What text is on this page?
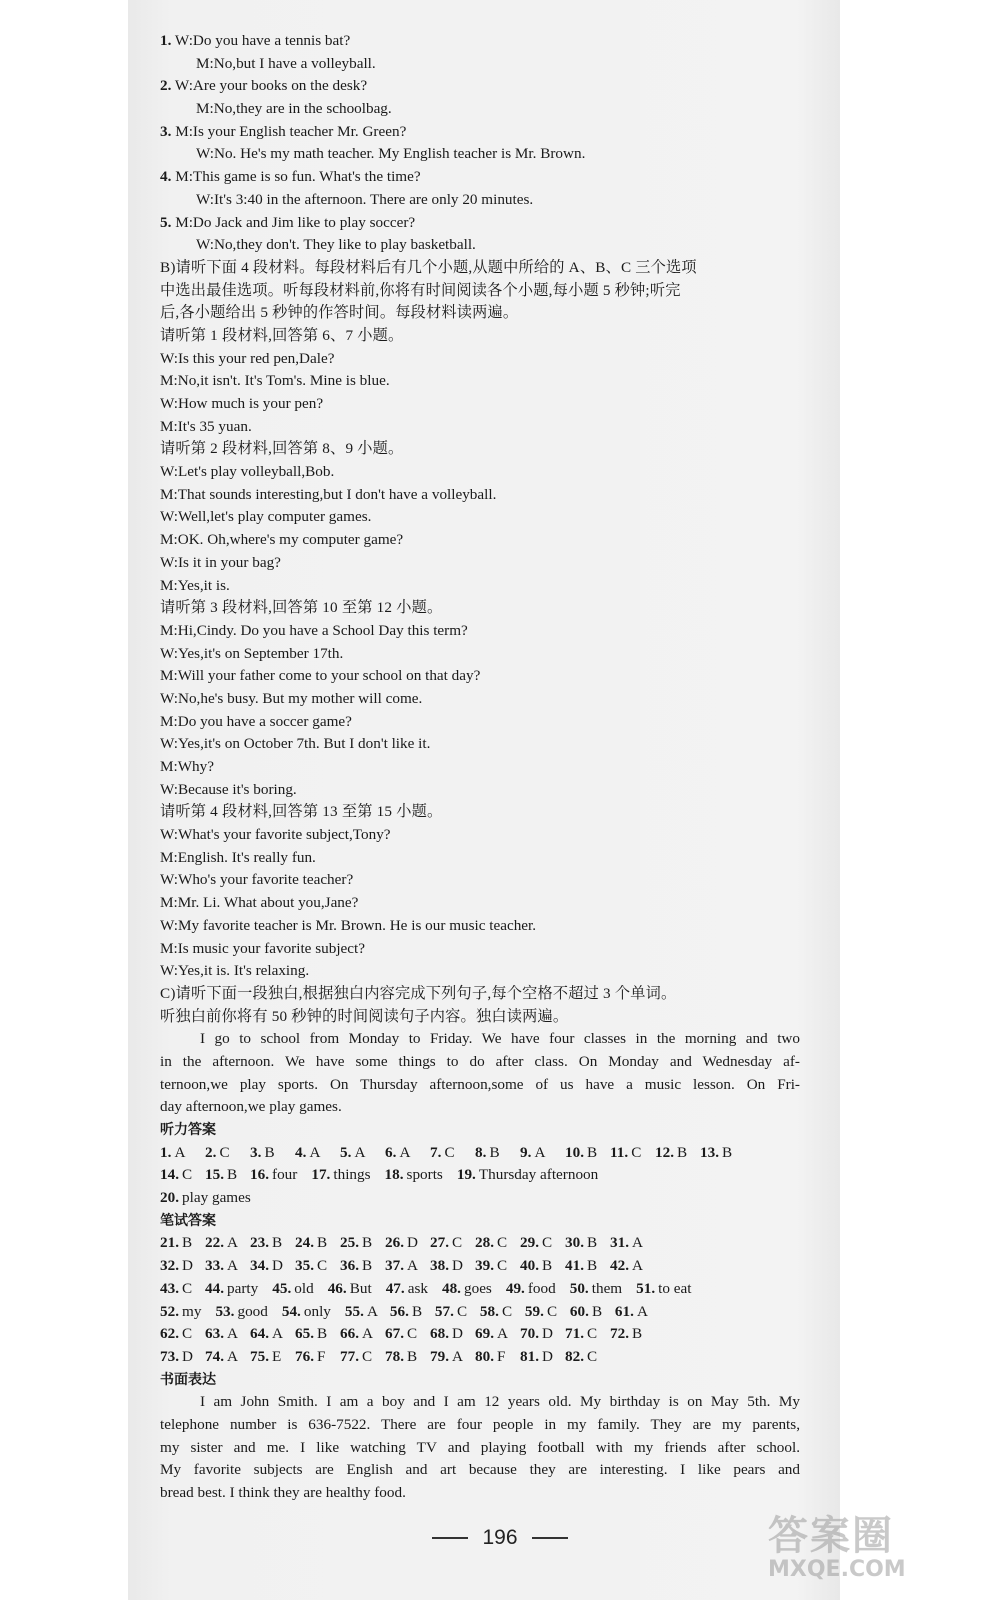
1. W:Do you have a tennis bat?
M:No,but I have a volleyball.
2. W:Are your books on the desk?
M:No,they are in the schoolbag.
3. M:Is your English teacher Mr. Green?
W:No. He's my math teacher. My English teacher is Mr. Brown.
4. M:This game is so fun. What's the time?
W:It's 3:40 in the afternoon. There are only 20 minutes.
5. M:Do Jack and Jim like to play soccer?
W:No,they don't. They like to play basketball.
B)请听下面 4 段材料。每段材料后有几个小题,从题中所给的 A、B、C 三个选项
中选出最佳选项。听每段材料前,你将有时间阅读各个小题,每小题 5 秒钟;听完
后,各小题给出 5 秒钟的作答时间。每段材料读两遍。
请听第 1 段材料,回答第 6、7 小题。
W:Is this your red pen,Dale?
M:No,it isn't. It's Tom's. Mine is blue.
W:How much is your pen?
M:It's 35 yuan.
请听第 2 段材料,回答第 8、9 小题。
W:Let's play volleyball,Bob.
M:That sounds interesting,but I don't have a volleyball.
W:Well,let's play computer games.
M:OK. Oh,where's my computer game?
W:Is it in your bag?
M:Yes,it is.
请听第 3 段材料,回答第 10 至第 12 小题。
M:Hi,Cindy. Do you have a School Day this term?
W:Yes,it's on September 17th.
M:Will your father come to your school on that day?
W:No,he's busy. But my mother will come.
M:Do you have a soccer game?
W:Yes,it's on October 7th. But I don't like it.
M:Why?
W:Because it's boring.
请听第 4 段材料,回答第 13 至第 15 小题。
W:What's your favorite subject,Tony?
M:English. It's really fun.
W:Who's your favorite teacher?
M:Mr. Li. What about you,Jane?
W:My favorite teacher is Mr. Brown. He is our music teacher.
M:Is music your favorite subject?
W:Yes,it is. It's relaxing.
C)请听下面一段独白,根据独白内容完成下列句子,每个空格不超过 3 个单词。
听独白前你将有 50 秒钟的时间阅读句子内容。独白读两遍。
I go to school from Monday to Friday. We have four classes in the morning and two
in the afternoon. We have some things to do after class. On Monday and Wednesday af-
ternoon,we play sports. On Thursday afternoon,some of us have a music lesson. On Fri-
day afternoon,we play games.
听力答案
1.  A	2.  C	3.  B	4.  A	5.  A	6.  A	7.  C	8.  B	9.  A	10.  B 11.  C 12.  B 13.  B
14.  C 15.  B 16.  four 17.  things 18.  sports 19.  Thursday afternoon
20.  play games
笔试答案
21.  B 22.  A 23.  B 24.  B 25.  B 26.  D 27.  C 28.  C 29.  C 30.  B 31.  A
32.  D 33.  A 34.  D 35.  C 36.  B 37.  A 38.  D 39.  C 40.  B 41.  B 42.  A
43.  C 44.  party 45.  old 46.  But 47.  ask 48.  goes 49.  food 50.  them 51.  to eat
52.  my 53.  good 54.  only 55.  A 56.  B 57.  C 58.  C 59.  C 60.  B 61.  A
62.  C 63.  A 64.  A 65.  B 66.  A 67.  C 68.  D 69.  A 70.  D 71.  C 72.  B
73.  D 74.  A 75.  E 76.  F 77.  C 78.  B 79.  A 80.  F 81.  D 82.  C
书面表达
I am John Smith. I am a boy and I am 12 years old. My birthday is on May 5th. My
telephone number is 636-7522. There are four people in my family. They are my parents,
my sister and me. I like watching TV and playing football with my friends after school.
My favorite subjects are English and art because they are interesting. I like pears and
bread best. I think they are healthy food.
196	答案圈
MXQE.COM
